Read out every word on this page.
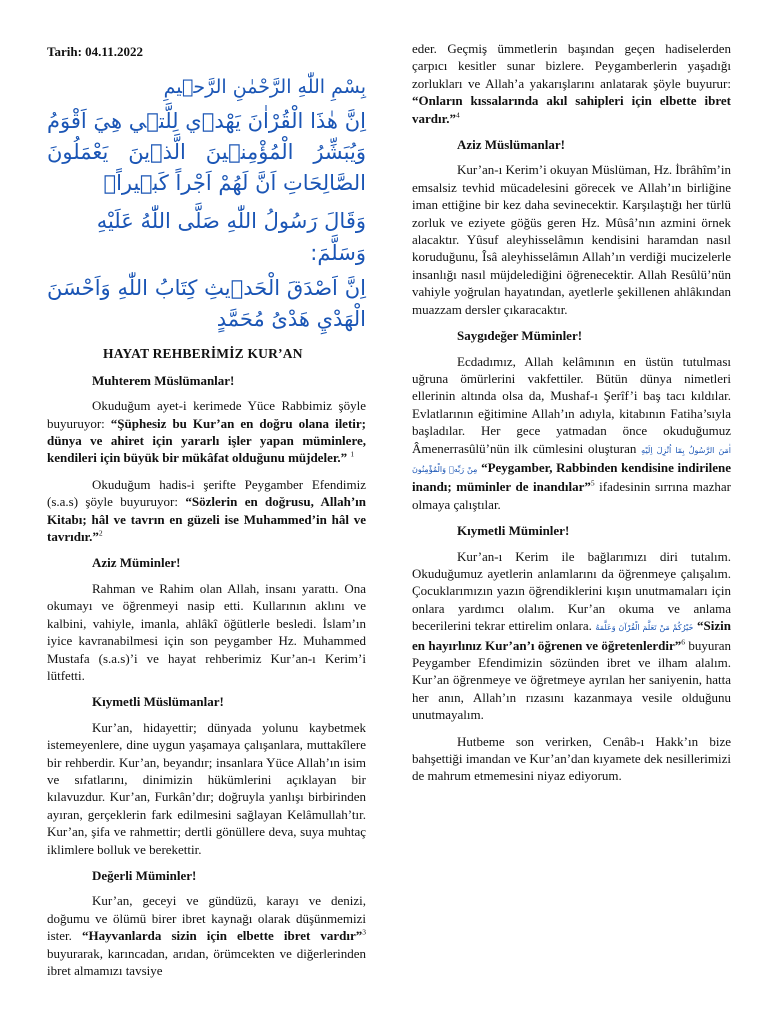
Tarih: 04.11.2022

بِسْمِ اللّٰهِ الرَّحْمٰنِ الرَّح۪يمِ

اِنَّ هٰذَا الْقُرْاٰنَ يَهْد۪ي لِلَّت۪ي هِيَ اَقْوَمُ وَيُبَشِّرُ الْمُؤْمِن۪ينَ الَّذ۪ينَ يَعْمَلُونَ الصَّالِحَاتِ اَنَّ لَهُمْ اَجْراً كَب۪يراًۙ

وَقَالَ رَسُولُ اللّٰهِ صَلَّى اللّٰهُ عَلَيْهِ وَسَلَّمَ:

اِنَّ اَصْدَقَ الْحَد۪يثِ كِتَابُ اللّٰهِ وَاَحْسَنَ الْهَدْيِ هَدْىُ مُحَمَّدٍ

HAYAT REHBERİMİZ KUR’AN

Muhterem Müslümanlar!

Okuduğum ayet-i kerimede Yüce Rabbimiz şöyle buyuruyor: “Şüphesiz bu Kur’an en doğru olana iletir; dünya ve ahiret için yararlı işler yapan müminlere, kendileri için büyük bir mükâfat olduğunu müjdeler.” $^1$

Okuduğum hadis-i şerifte Peygamber Efendimiz (s.a.s) şöyle buyuruyor: “Sözlerin en doğrusu, Allah’ın Kitabı; hâl ve tavrın en güzeli ise Muhammed’in hâl ve tavrıdır.”$^2$

Aziz Müminler!

Rahman ve Rahim olan Allah, insanı yarattı. Ona okumayı ve öğrenmeyi nasip etti. Kullarının aklını ve kalbini, vahiyle, imanla, ahlâkî öğütlerle besledi. İslam’ın iyice kavranabilmesi için son peygamber Hz. Muhammed Mustafa (s.a.s)’i ve hayat rehberimiz Kur’an-ı Kerim’i lütfetti.

Kıymetli Müslümanlar!

Kur’an, hidayettir; dünyada yolunu kaybetmek istemeyenlere, dine uygun yaşamaya çalışanlara, muttakîlere bir rehberdir. Kur’an, beyandır; insanlara Yüce Allah’ın isim ve sıfatlarını, dinimizin hükümlerini açıklayan bir kılavuzdur. Kur’an, Furkân’dır; doğruyla yanlışı birbirinden ayıran, gerçeklerin fark edilmesini sağlayan Kelâmullah’tır. Kur’an, şifa ve rahmettir; dertli gönüllere deva, suya muhtaç iklimlere bolluk ve berekettir.

Değerli Müminler!

Kur’an, geceyi ve gündüzü, karayı ve denizi, doğumu ve ölümü birer ibret kaynağı olarak düşünmemizi ister. “Hayvanlarda sizin için elbette ibret vardır”$^3$ buyurarak, karıncadan, arıdan, örümcekten ve diğerlerinden ibret almamızı tavsiye

eder. Geçmiş ümmetlerin başından geçen hadiselerden çarpıcı kesitler sunar bizlere. Peygamberlerin yaşadığı zorlukları ve Allah’a yakarışlarını anlatarak şöyle buyurur: “Onların kıssalarında akıl sahipleri için elbette ibret vardır.”$^4$

Aziz Müslümanlar!

Kur’an-ı Kerim’i okuyan Müslüman, Hz. İbrâhîm’in emsalsiz tevhid mücadelesini görecek ve Allah’ın birliğine iman ettiğine bir kez daha sevinecektir. Karşılaştığı her türlü zorluk ve eziyete göğüs geren Hz. Mûsâ’nın azmini örnek alacaktır. Yûsuf aleyhisselâmın kendisini haramdan nasıl koruduğunu, Îsâ aleyhisselâmın Allah’ın verdiği mucizelerle insanlığı nasıl müjdelediğini öğrenecektir. Allah Resûlü’nün vahiyle yoğrulan hayatından, ayetlerle şekillenen ahlâkından muazzam dersler çıkaracaktır.

Saygıdeğer Müminler!

Ecdadımız, Allah kelâmının en üstün tutulması uğruna ömürlerini vakfettiler. Bütün dünya nimetleri ellerinin altında olsa da, Mushaf-ı Şerîf’i baş tacı kıldılar. Evlatlarının eğitimine Allah’ın adıyla, kitabının Fatiha’sıyla başladılar. Her gece yatmadan önce okuduğumuz Âmenerrasûlü’nün ilk cümlesini oluşturan اٰمَنَ الرَّسُولُ بِمَٓا اُنْزِلَ اِلَيْهِ مِنْ رَبِّه۪ وَالْمُؤْمِنُونَ “Peygamber, Rabbinden kendisine indirilene inandı; müminler de inandılar”$^5$ ifadesinin sırrına mazhar olmaya çalıştılar.

Kıymetli Müminler!

Kur’an-ı Kerim ile bağlarımızı diri tutalım. Okuduğumuz ayetlerin anlamlarını da öğrenmeye çalışalım. Çocuklarımızın yazın öğrendiklerini kışın unutmamaları için onlara yardımcı olalım. Kur’an okuma ve anlama becerilerini tekrar ettirelim onlara. خَيْرُكُمْ مَنْ تَعَلَّمَ الْقُرْآنَ وَعَلَّمَهُ “Sizin en hayırlınız Kur’an’ı öğrenen ve öğretenlerdir”$^6$ buyuran Peygamber Efendimizin sözünden ibret ve ilham alalım. Kur’an öğrenmeye ve öğretmeye ayrılan her saniyenin, hatta her anın, Allah’ın rızasını kazanmaya vesile olduğunu unutmayalım.

Hutbeme son verirken, Cenâb-ı Hakk’ın bize bahşettiği imandan ve Kur’an’dan kıyamete dek nesillerimizi de mahrum etmemesini niyaz ediyorum.
